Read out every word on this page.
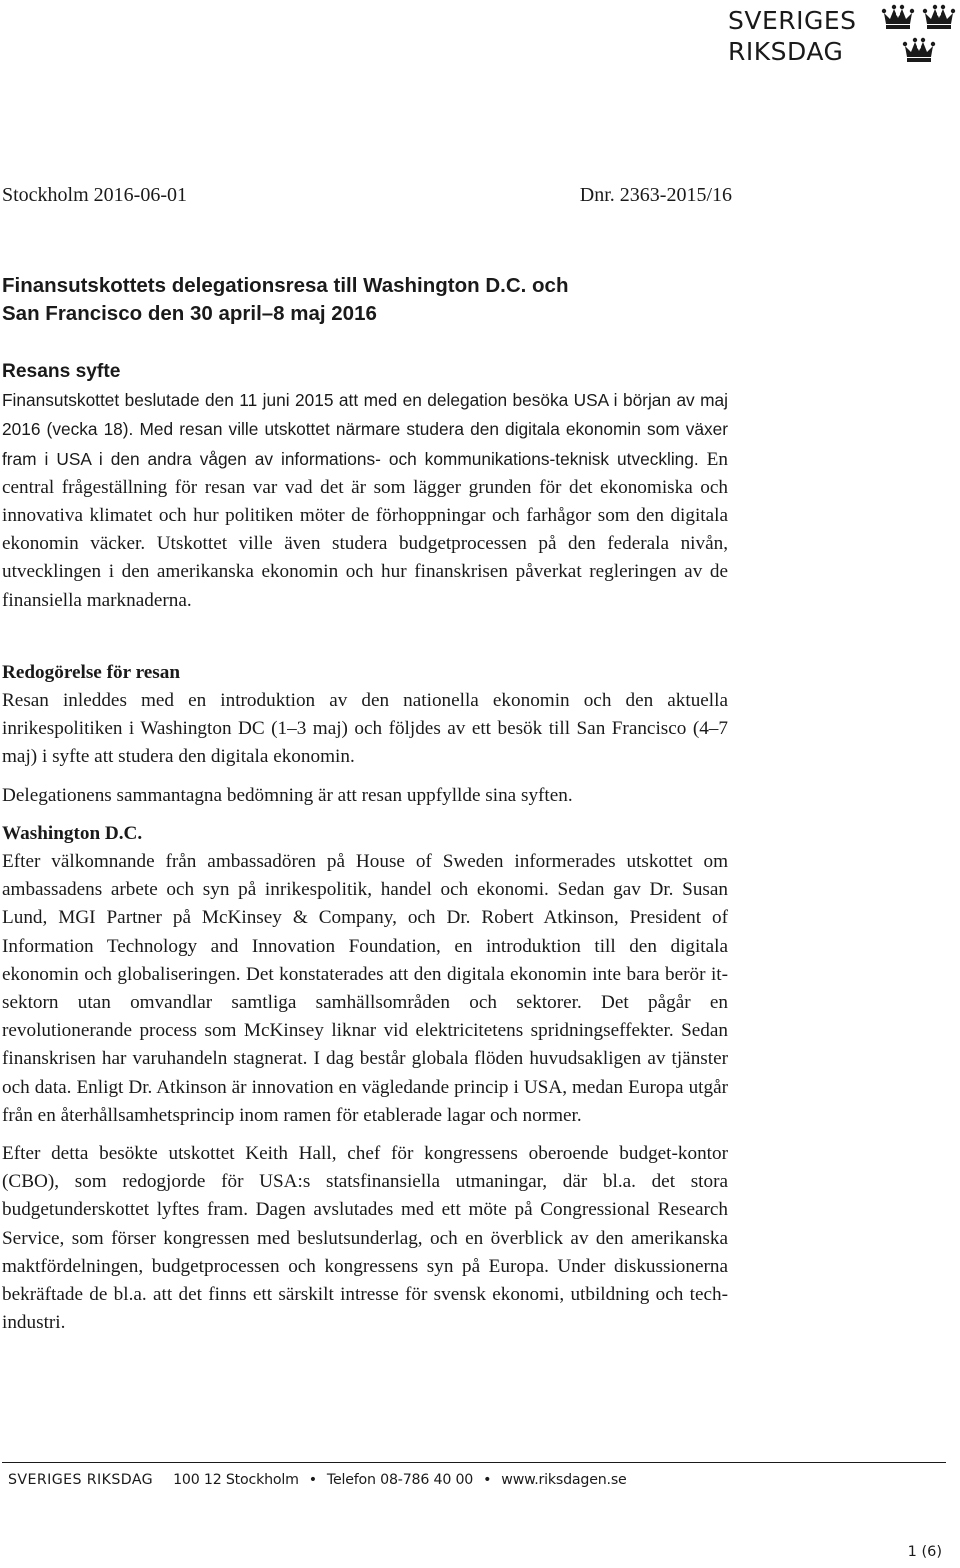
SVERIGES
RIKSDAG
Stockholm 2016-06-01	Dnr. 2363-2015/16
Finansutskottets delegationsresa till Washington D.C. och
San Francisco den 30 april–8 maj 2016
Resans syfte

Finansutskottet beslutade den 11 juni 2015 att med en delegation besöka USA i början av maj 2016 (vecka 18). Med resan ville utskottet närmare studera den digitala ekonomin som växer fram i USA i den andra vågen av informations- och kommunikations-teknisk utveckling. En central frågeställning för resan var vad det är som lägger grunden för det ekonomiska och innovativa klimatet och hur politiken möter de förhoppningar och farhågor som den digitala ekonomin väcker. Utskottet ville även studera budgetprocessen på den federala nivån, utvecklingen i den amerikanska ekonomin och hur finanskrisen påverkat regleringen av de finansiella marknaderna.

Redogörelse för resan

Resan inleddes med en introduktion av den nationella ekonomin och den aktuella inrikespolitiken i Washington DC (1–3 maj) och följdes av ett besök till San Francisco (4–7 maj) i syfte att studera den digitala ekonomin.

Delegationens sammantagna bedömning är att resan uppfyllde sina syften.

Washington D.C.

Efter välkomnande från ambassadören på House of Sweden informerades utskottet om ambassadens arbete och syn på inrikespolitik, handel och ekonomi. Sedan gav Dr. Susan Lund, MGI Partner på McKinsey & Company, och Dr. Robert Atkinson, President of Information Technology and Innovation Foundation, en introduktion till den digitala ekonomin och globaliseringen. Det konstaterades att den digitala ekonomin inte bara berör it-sektorn utan omvandlar samtliga samhällsområden och sektorer. Det pågår en revolutionerande process som McKinsey liknar vid elektricitetens spridningseffekter. Sedan finanskrisen har varuhandeln stagnerat. I dag består globala flöden huvudsakligen av tjänster och data. Enligt Dr. Atkinson är innovation en vägledande princip i USA, medan Europa utgår från en återhållsamhetsprincip inom ramen för etablerade lagar och normer.

Efter detta besökte utskottet Keith Hall, chef för kongressens oberoende budget-kontor (CBO), som redogjorde för USA:s statsfinansiella utmaningar, där bl.a. det stora budgetunderskottet lyftes fram. Dagen avslutades med ett möte på Congressional Research Service, som förser kongressen med beslutsunderlag, och en överblick av den amerikanska maktfördelningen, budgetprocessen och kongressens syn på Europa. Under diskussionerna bekräftade de bl.a. att det finns ett särskilt intresse för svensk ekonomi, utbildning och tech-industri.

SVERIGES RIKSDAG 100 12 Stockholm • Telefon 08-786 40 00 • www.riksdagen.se
1 (6)
